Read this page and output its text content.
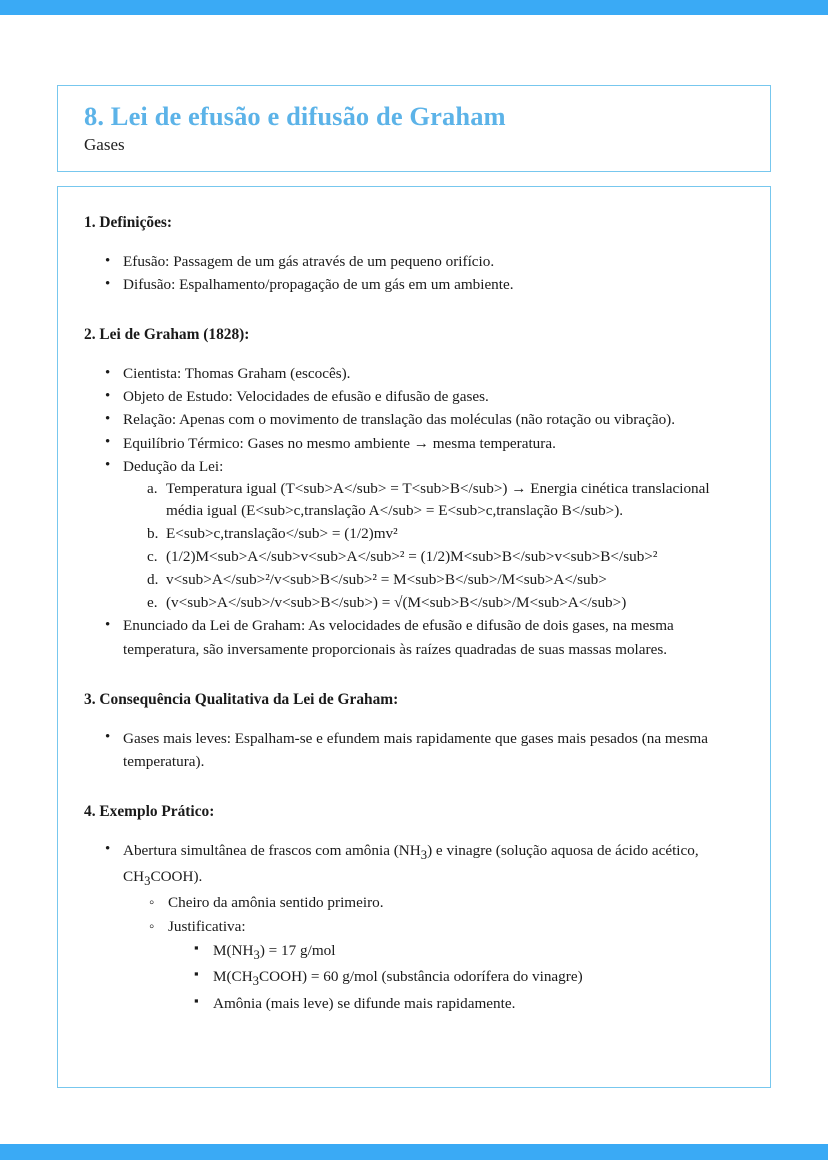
8. Lei de efusão e difusão de Graham
Gases
1. Definições:
• Efusão: Passagem de um gás através de um pequeno orifício.
• Difusão: Espalhamento/propagação de um gás em um ambiente.
2. Lei de Graham (1828):
• Cientista: Thomas Graham (escocês).
• Objeto de Estudo: Velocidades de efusão e difusão de gases.
• Relação: Apenas com o movimento de translação das moléculas (não rotação ou vibração).
• Equilíbrio Térmico: Gases no mesmo ambiente → mesma temperatura.
• Dedução da Lei:
Temperatura igual (T<sub>A</sub> = T<sub>B</sub>) → Energia cinética translacional média igual (E<sub>c,translação A</sub> = E<sub>c,translação B</sub>).
E<sub>c,translação</sub> = (1/2)mv²
(1/2)M<sub>A</sub>v<sub>A</sub>² = (1/2)M<sub>B</sub>v<sub>B</sub>²
v<sub>A</sub>²/v<sub>B</sub>² = M<sub>B</sub>/M<sub>A</sub>
(v<sub>A</sub>/v<sub>B</sub>) = √(M<sub>B</sub>/M<sub>A</sub>)
• Enunciado da Lei de Graham: As velocidades de efusão e difusão de dois gases, na mesma temperatura, são inversamente proporcionais às raízes quadradas de suas massas molares.
3. Consequência Qualitativa da Lei de Graham:
• Gases mais leves: Espalham-se e efundem mais rapidamente que gases mais pesados (na mesma temperatura).
4. Exemplo Prático:
• Abertura simultânea de frascos com amônia $(NH_3)$ e vinagre (solução aquosa de ácido acético, $CH_3COOH$).
◦ Cheiro da amônia sentido primeiro.
◦ Justificativa:
▪ $M(NH_3) = 17$ g/mol
▪ $M(CH_3COOH) = 60$ g/mol (substância odorífera do vinagre)
▪ Amônia (mais leve) se difunde mais rapidamente.
